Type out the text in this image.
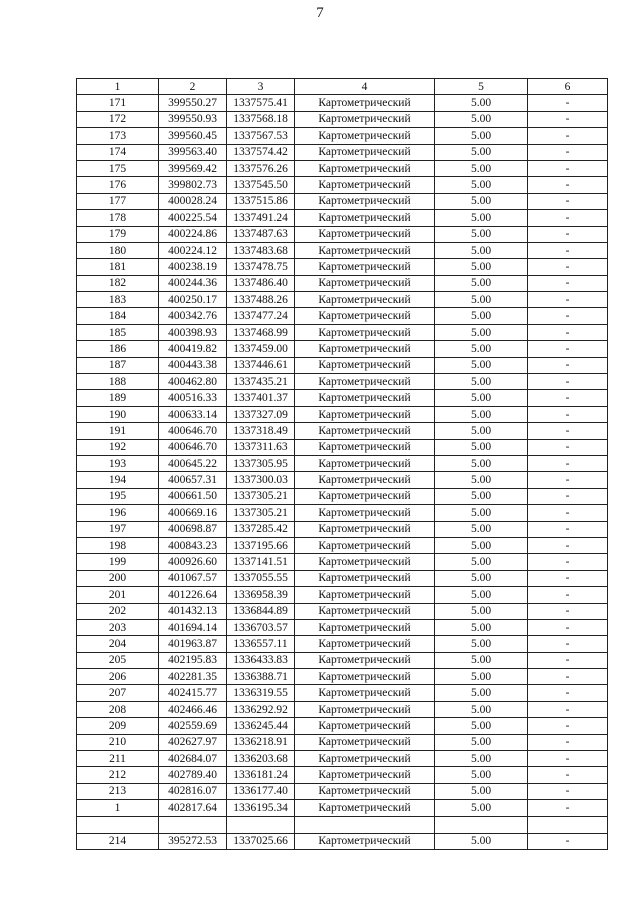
7
1	2	3	4	5	6
171	399550.27	1337575.41	Картометрический	5.00	-
172	399550.93	1337568.18	Картометрический	5.00	-
173	399560.45	1337567.53	Картометрический	5.00	-
174	399563.40	1337574.42	Картометрический	5.00	-
175	399569.42	1337576.26	Картометрический	5.00	-
176	399802.73	1337545.50	Картометрический	5.00	-
177	400028.24	1337515.86	Картометрический	5.00	-
178	400225.54	1337491.24	Картометрический	5.00	-
179	400224.86	1337487.63	Картометрический	5.00	-
180	400224.12	1337483.68	Картометрический	5.00	-
181	400238.19	1337478.75	Картометрический	5.00	-
182	400244.36	1337486.40	Картометрический	5.00	-
183	400250.17	1337488.26	Картометрический	5.00	-
184	400342.76	1337477.24	Картометрический	5.00	-
185	400398.93	1337468.99	Картометрический	5.00	-
186	400419.82	1337459.00	Картометрический	5.00	-
187	400443.38	1337446.61	Картометрический	5.00	-
188	400462.80	1337435.21	Картометрический	5.00	-
189	400516.33	1337401.37	Картометрический	5.00	-
190	400633.14	1337327.09	Картометрический	5.00	-
191	400646.70	1337318.49	Картометрический	5.00	-
192	400646.70	1337311.63	Картометрический	5.00	-
193	400645.22	1337305.95	Картометрический	5.00	-
194	400657.31	1337300.03	Картометрический	5.00	-
195	400661.50	1337305.21	Картометрический	5.00	-
196	400669.16	1337305.21	Картометрический	5.00	-
197	400698.87	1337285.42	Картометрический	5.00	-
198	400843.23	1337195.66	Картометрический	5.00	-
199	400926.60	1337141.51	Картометрический	5.00	-
200	401067.57	1337055.55	Картометрический	5.00	-
201	401226.64	1336958.39	Картометрический	5.00	-
202	401432.13	1336844.89	Картометрический	5.00	-
203	401694.14	1336703.57	Картометрический	5.00	-
204	401963.87	1336557.11	Картометрический	5.00	-
205	402195.83	1336433.83	Картометрический	5.00	-
206	402281.35	1336388.71	Картометрический	5.00	-
207	402415.77	1336319.55	Картометрический	5.00	-
208	402466.46	1336292.92	Картометрический	5.00	-
209	402559.69	1336245.44	Картометрический	5.00	-
210	402627.97	1336218.91	Картометрический	5.00	-
211	402684.07	1336203.68	Картометрический	5.00	-
212	402789.40	1336181.24	Картометрический	5.00	-
213	402816.07	1336177.40	Картометрический	5.00	-
1	402817.64	1336195.34	Картометрический	5.00	-

214	395272.53	1337025.66	Картометрический	5.00	-
